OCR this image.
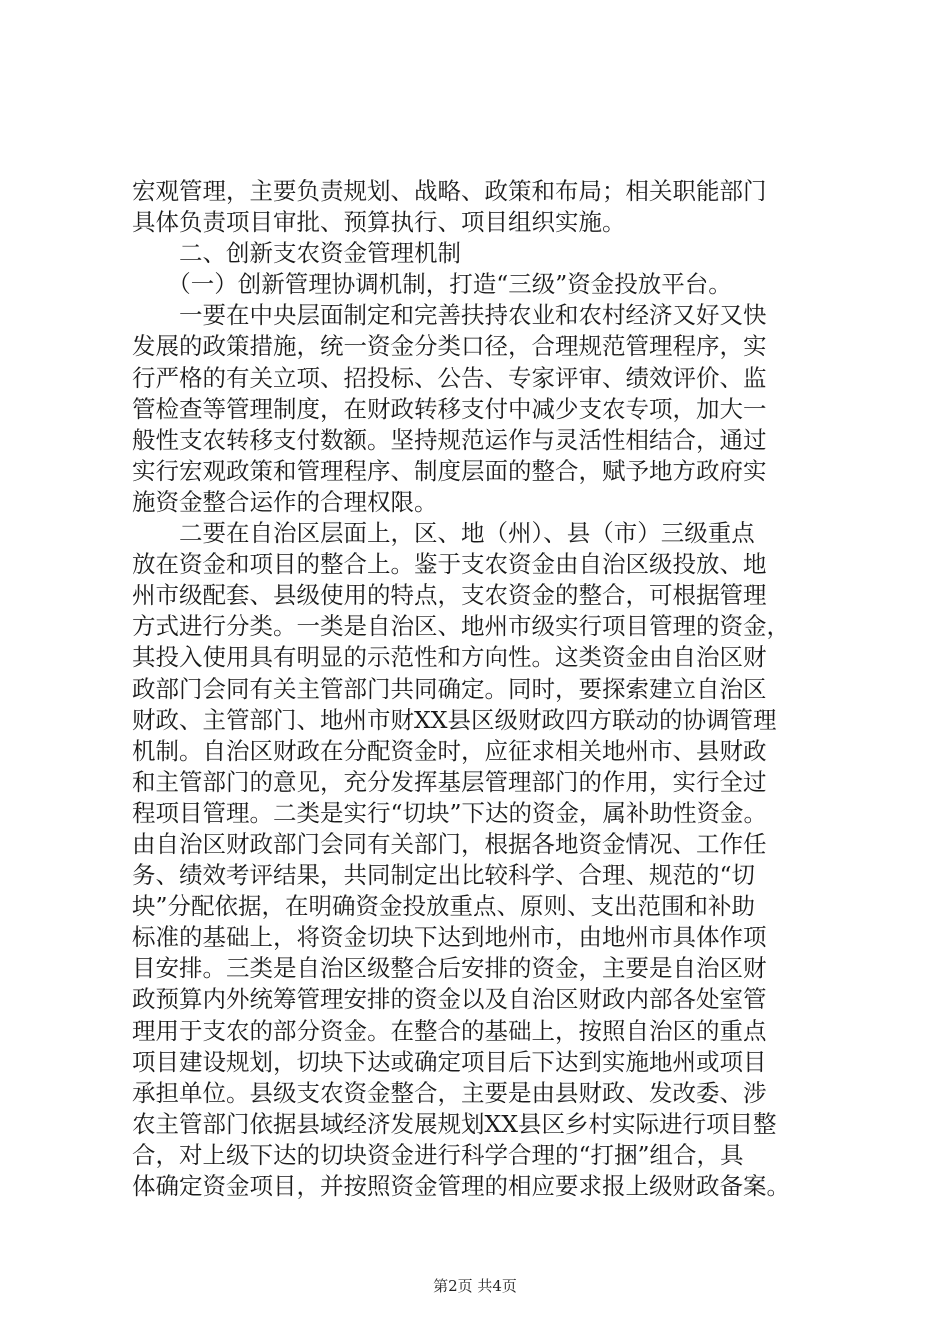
宏观管理，主要负责规划、战略、政策和布局；相关职能部门
具体负责项目审批、预算执行、项目组织实施。
　　二、创新支农资金管理机制
　　（一）创新管理协调机制，打造“三级”资金投放平台。
　　一要在中央层面制定和完善扶持农业和农村经济又好又快
发展的政策措施，统一资金分类口径，合理规范管理程序，实
行严格的有关立项、招投标、公告、专家评审、绩效评价、监
管检查等管理制度，在财政转移支付中减少支农专项，加大一
般性支农转移支付数额。坚持规范运作与灵活性相结合，通过
实行宏观政策和管理程序、制度层面的整合，赋予地方政府实
施资金整合运作的合理权限。
　　二要在自治区层面上，区、地（州）、县（市）三级重点
放在资金和项目的整合上。鉴于支农资金由自治区级投放、地
州市级配套、县级使用的特点，支农资金的整合，可根据管理
方式进行分类。一类是自治区、地州市级实行项目管理的资金，
其投入使用具有明显的示范性和方向性。这类资金由自治区财
政部门会同有关主管部门共同确定。同时，要探索建立自治区
财政、主管部门、地州市财XX县区级财政四方联动的协调管理
机制。自治区财政在分配资金时，应征求相关地州市、县财政
和主管部门的意见，充分发挥基层管理部门的作用，实行全过
程项目管理。二类是实行“切块”下达的资金，属补助性资金。
由自治区财政部门会同有关部门，根据各地资金情况、工作任
务、绩效考评结果，共同制定出比较科学、合理、规范的“切
块”分配依据，在明确资金投放重点、原则、支出范围和补助
标准的基础上，将资金切块下达到地州市，由地州市具体作项
目安排。三类是自治区级整合后安排的资金，主要是自治区财
政预算内外统筹管理安排的资金以及自治区财政内部各处室管
理用于支农的部分资金。在整合的基础上，按照自治区的重点
项目建设规划，切块下达或确定项目后下达到实施地州或项目
承担单位。县级支农资金整合，主要是由县财政、发改委、涉
农主管部门依据县域经济发展规划XX县区乡村实际进行项目整
合，对上级下达的切块资金进行科学合理的“打捆”组合，具
体确定资金项目，并按照资金管理的相应要求报上级财政备案。
第2页 共4页
